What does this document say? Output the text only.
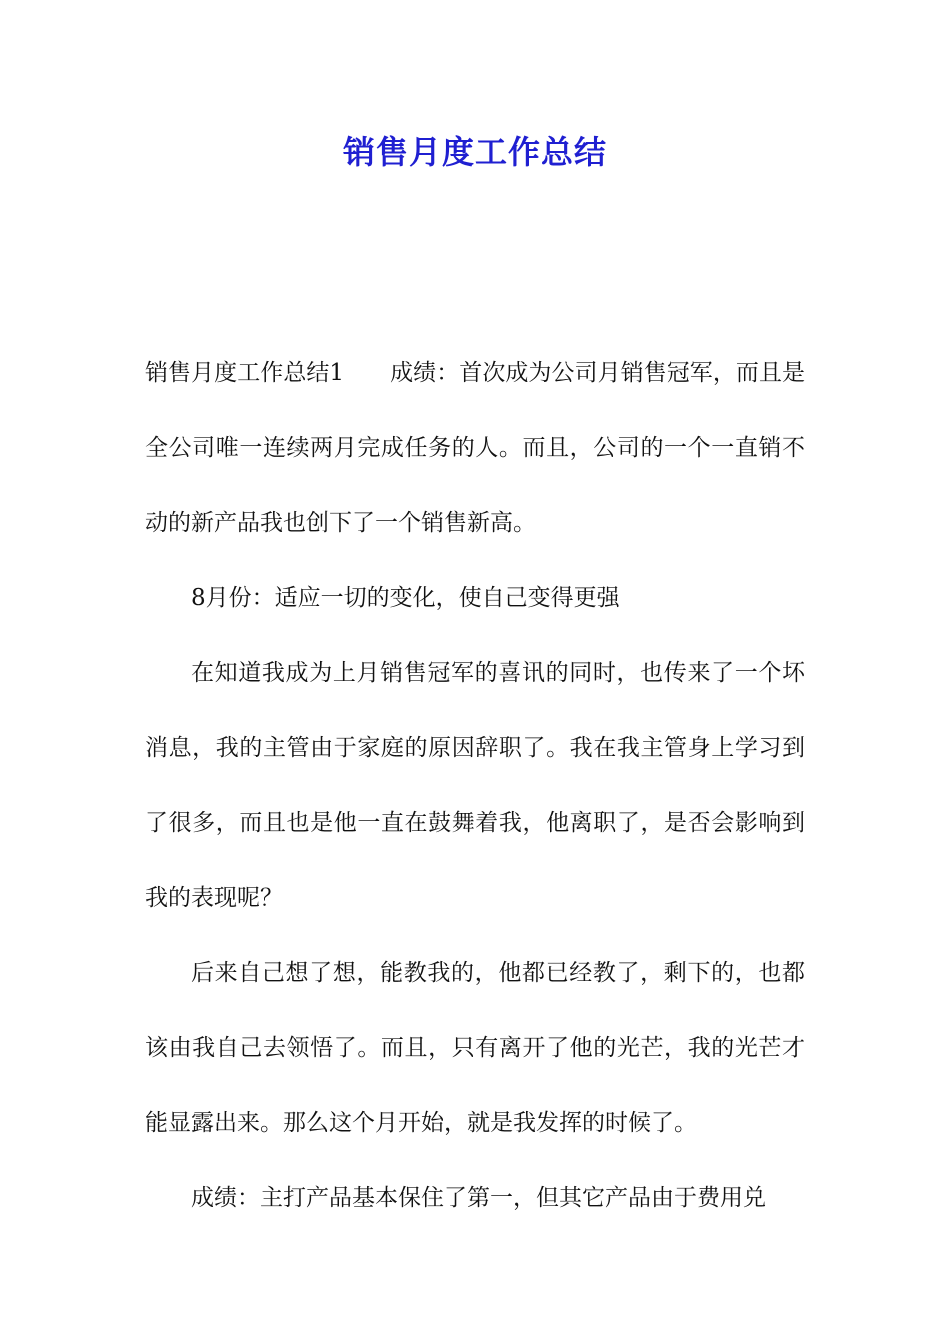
销售月度工作总结

销售月度工作总结1 成绩：首次成为公司月销售冠军，而且是全公司唯一连续两月完成任务的人。而且，公司的一个一直销不动的新产品我也创下了一个销售新高。

8月份：适应一切的变化，使自己变得更强

在知道我成为上月销售冠军的喜讯的同时，也传来了一个坏消息，我的主管由于家庭的原因辞职了。我在我主管身上学习到了很多，而且也是他一直在鼓舞着我，他离职了，是否会影响到我的表现呢？

后来自己想了想，能教我的，他都已经教了，剩下的，也都该由我自己去领悟了。而且，只有离开了他的光芒，我的光芒才能显露出来。那么这个月开始，就是我发挥的时候了。

成绩：主打产品基本保住了第一，但其它产品由于费用兑
